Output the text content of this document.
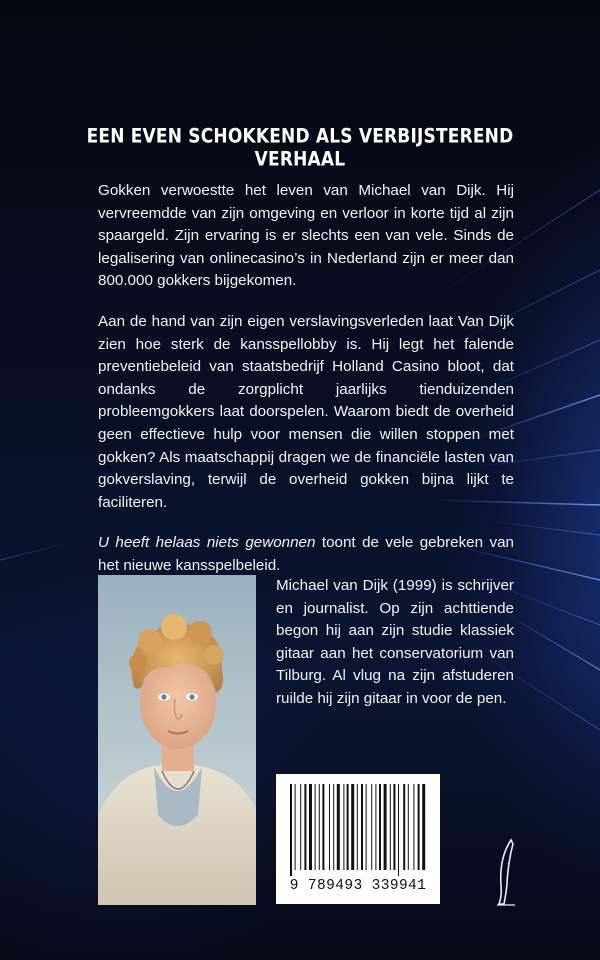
EEN EVEN SCHOKKEND ALS VERBIJSTEREND VERHAAL

Gokken verwoestte het leven van Michael van Dijk. Hij vervreemdde van zijn omgeving en verloor in korte tijd al zijn spaargeld. Zijn ervaring is er slechts een van vele. Sinds de legalisering van onlinecasino’s in Nederland zijn er meer dan 800.000 gokkers bijgekomen.

Aan de hand van zijn eigen verslavingsverleden laat Van Dijk zien hoe sterk de kansspellobby is. Hij legt het falende preventiebeleid van staatsbedrijf Holland Casino bloot, dat ondanks de zorgplicht jaarlijks tienduizenden probleemgokkers laat doorspelen. Waarom biedt de overheid geen effectieve hulp voor mensen die willen stoppen met gokken? Als maatschappij dragen we de financiële lasten van gokverslaving, terwijl de overheid gokken bijna lijkt te faciliteren.

U heeft helaas niets gewonnen toont de vele gebreken van het nieuwe kansspelbeleid.

Michael van Dijk (1999) is schrijver en journalist. Op zijn achttiende begon hij aan zijn studie klassiek gitaar aan het conservatorium van Tilburg. Al vlug na zijn afstuderen ruilde hij zijn gitaar in voor de pen.
9 789493 339941
